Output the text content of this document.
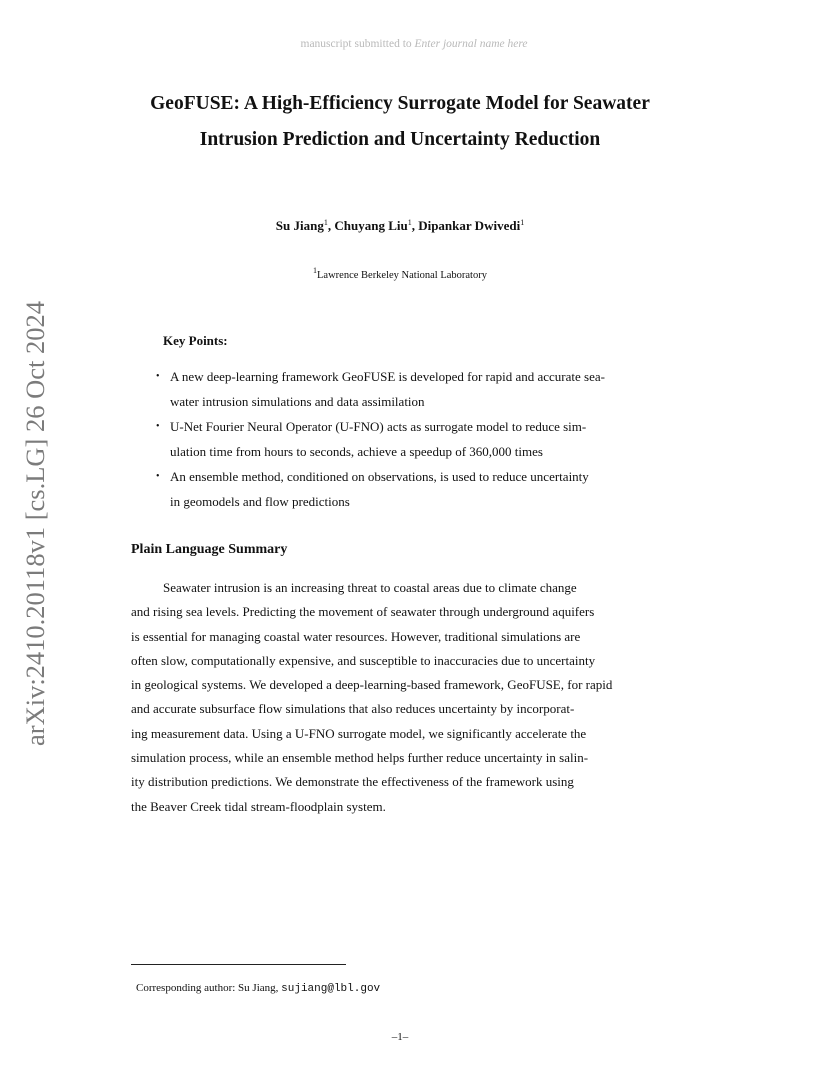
manuscript submitted to Enter journal name here
arXiv:2410.20118v1 [cs.LG] 26 Oct 2024
GeoFUSE: A High-Efficiency Surrogate Model for Seawater Intrusion Prediction and Uncertainty Reduction
Su Jiang$^1$, Chuyang Liu$^1$, Dipankar Dwivedi$^1$
$^1$Lawrence Berkeley National Laboratory
Key Points:
• A new deep-learning framework GeoFUSE is developed for rapid and accurate sea-
water intrusion simulations and data assimilation
• U-Net Fourier Neural Operator (U-FNO) acts as surrogate model to reduce sim-
ulation time from hours to seconds, achieve a speedup of 360,000 times
• An ensemble method, conditioned on observations, is used to reduce uncertainty
in geomodels and flow predictions
Plain Language Summary
Seawater intrusion is an increasing threat to coastal areas due to climate change
and rising sea levels. Predicting the movement of seawater through underground aquifers
is essential for managing coastal water resources. However, traditional simulations are
often slow, computationally expensive, and susceptible to inaccuracies due to uncertainty
in geological systems. We developed a deep-learning-based framework, GeoFUSE, for rapid
and accurate subsurface flow simulations that also reduces uncertainty by incorporat-
ing measurement data. Using a U-FNO surrogate model, we significantly accelerate the
simulation process, while an ensemble method helps further reduce uncertainty in salin-
ity distribution predictions. We demonstrate the effectiveness of the framework using
the Beaver Creek tidal stream-floodplain system.
Corresponding author: Su Jiang, sujiang@lbl.gov
–1–
